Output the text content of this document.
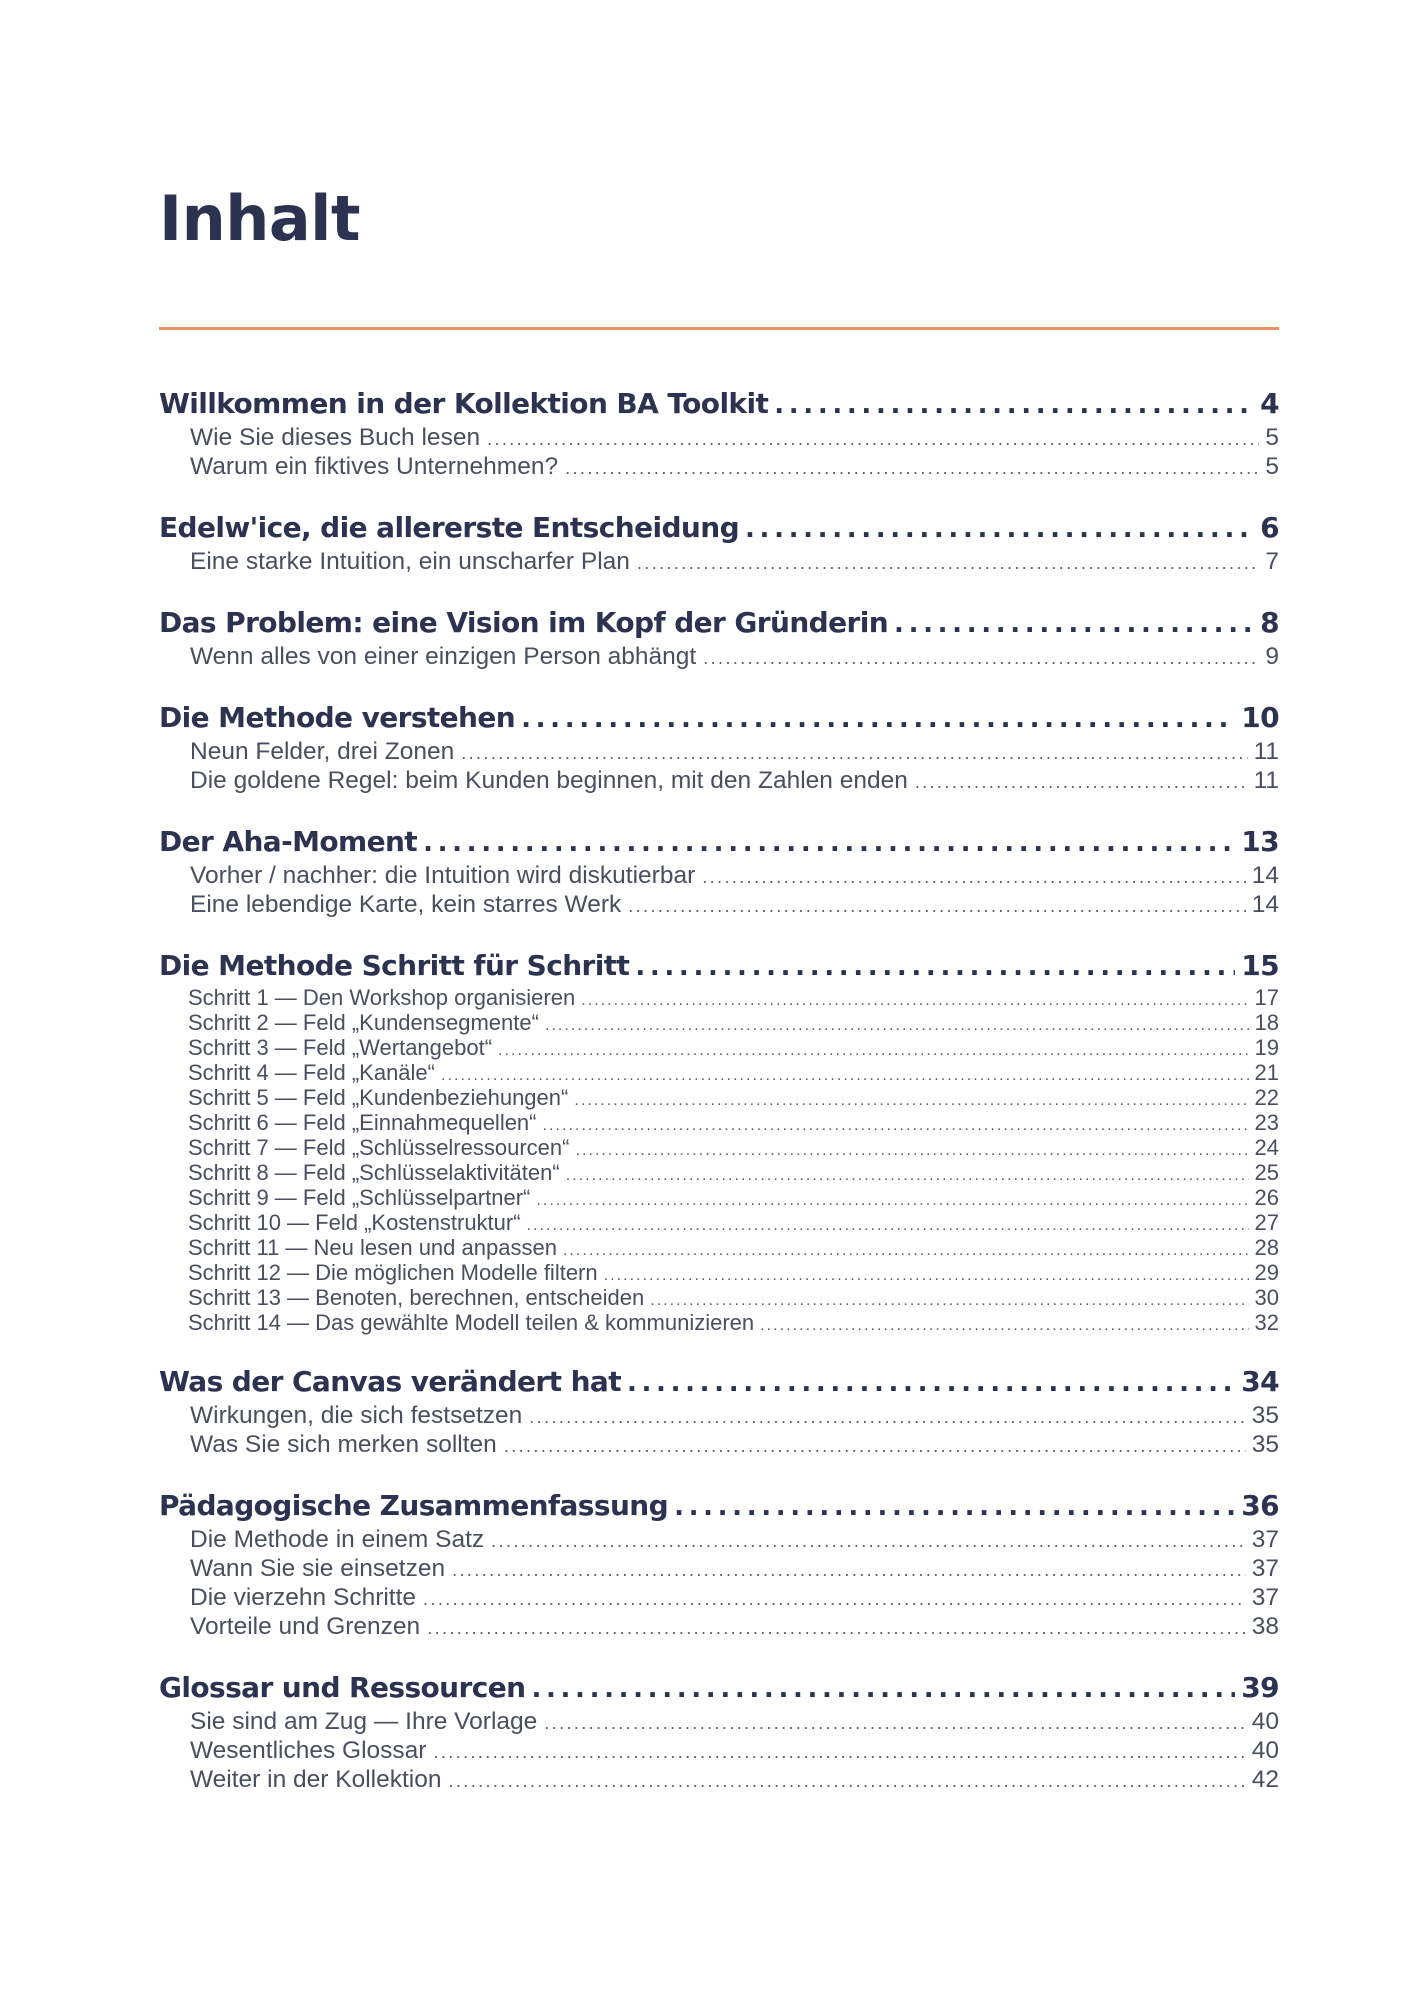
Inhalt
Willkommen in der Kollektion BA Toolkit . . .	4
Wie Sie dieses Buch lesen . . .	5
Warum ein fiktives Unternehmen? . . .	5
Edelw'ice, die allererste Entscheidung . . .	6
Eine starke Intuition, ein unscharfer Plan . . .	7
Das Problem: eine Vision im Kopf der Gründerin . . .	8
Wenn alles von einer einzigen Person abhängt . . .	9
Die Methode verstehen . . .	10
Neun Felder, drei Zonen . . .	11
Die goldene Regel: beim Kunden beginnen, mit den Zahlen enden . . .	11
Der Aha-Moment . . .	13
Vorher / nachher: die Intuition wird diskutierbar . . .	14
Eine lebendige Karte, kein starres Werk . . .	14
Die Methode Schritt für Schritt . . .	15
Schritt 1 — Den Workshop organisieren . . .	17
Schritt 2 — Feld „Kundensegmente“ . . .	18
Schritt 3 — Feld „Wertangebot“ . . .	19
Schritt 4 — Feld „Kanäle“ . . .	21
Schritt 5 — Feld „Kundenbeziehungen“ . . .	22
Schritt 6 — Feld „Einnahmequellen“ . . .	23
Schritt 7 — Feld „Schlüsselressourcen“ . . .	24
Schritt 8 — Feld „Schlüsselaktivitäten“ . . .	25
Schritt 9 — Feld „Schlüsselpartner“ . . .	26
Schritt 10 — Feld „Kostenstruktur“ . . .	27
Schritt 11 — Neu lesen und anpassen . . .	28
Schritt 12 — Die möglichen Modelle filtern . . .	29
Schritt 13 — Benoten, berechnen, entscheiden . . .	30
Schritt 14 — Das gewählte Modell teilen & kommunizieren . . .	32
Was der Canvas verändert hat . . .	34
Wirkungen, die sich festsetzen . . .	35
Was Sie sich merken sollten . . .	35
Pädagogische Zusammenfassung . . .	36
Die Methode in einem Satz . . .	37
Wann Sie sie einsetzen . . .	37
Die vierzehn Schritte . . .	37
Vorteile und Grenzen . . .	38
Glossar und Ressourcen . . .	39
Sie sind am Zug — Ihre Vorlage . . .	40
Wesentliches Glossar . . .	40
Weiter in der Kollektion . . .	42
